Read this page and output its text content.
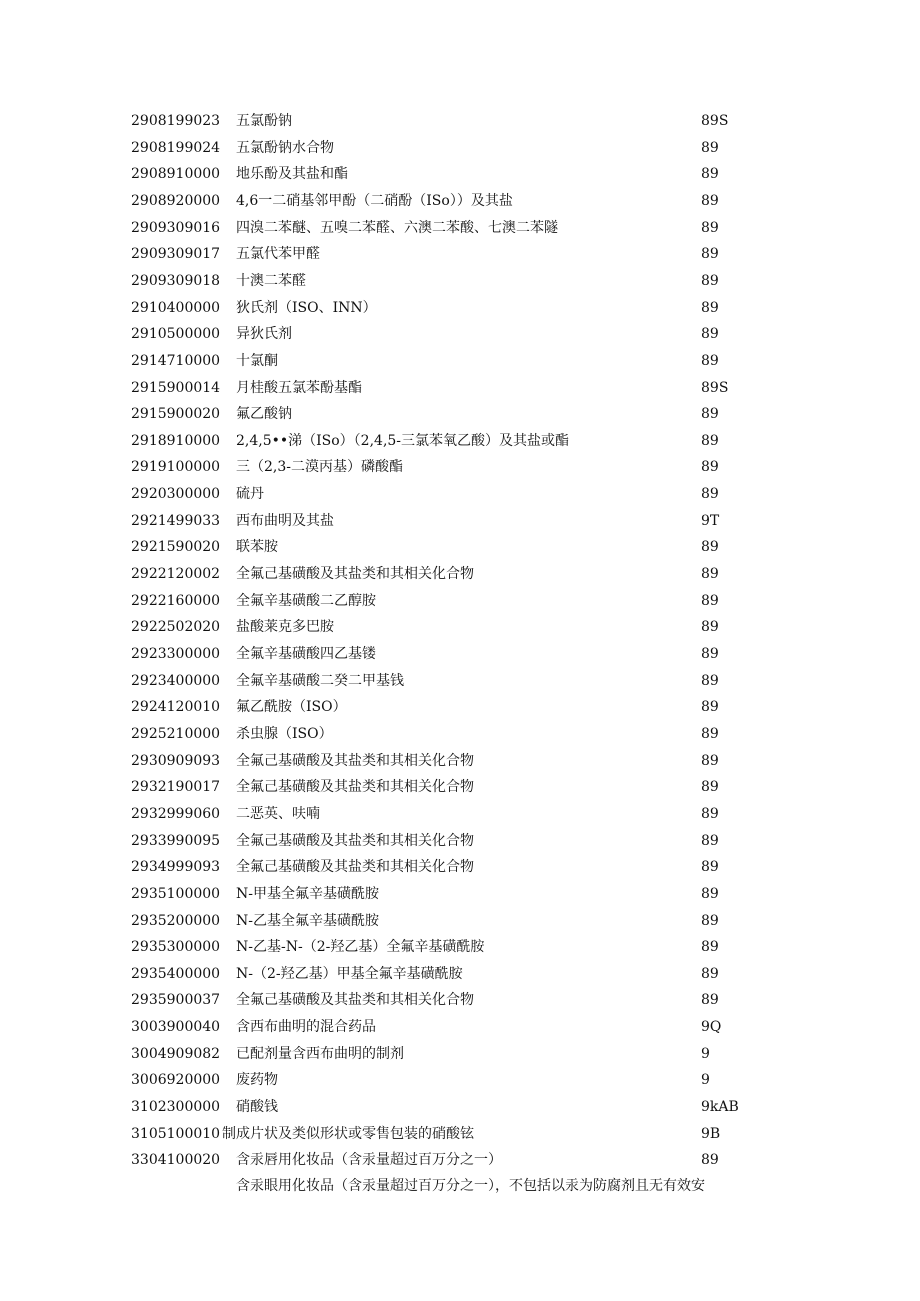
2908199023 五氯酚钠	89S
2908199024 五氯酚钠水合物	89
2908910000 地乐酚及其盐和酯	89
2908920000 4,6一二硝基邻甲酚（二硝酚（ISo））及其盐	89
2909309016 四溴二苯醚、五嗅二苯醛、六澳二苯酸、七澳二苯隧	89
2909309017 五氯代苯甲醛	89
2909309018 十澳二苯醛	89
2910400000 狄氏剂（ISO、INN）	89
2910500000 异狄氏剂	89
2914710000 十氯酮	89
2915900014 月桂酸五氯苯酚基酯	89S
2915900020 氟乙酸钠	89
2918910000 2,4,5••涕（ISo）（2,4,5-三氯苯氧乙酸）及其盐或酯	89
2919100000 三（2,3-二漠丙基）磷酸酯	89
2920300000 硫丹	89
2921499033 西布曲明及其盐	9T
2921590020 联苯胺	89
2922120002 全氟己基磺酸及其盐类和其相关化合物	89
2922160000 全氟辛基磺酸二乙醇胺	89
2922502020 盐酸莱克多巴胺	89
2923300000 全氟辛基磺酸四乙基镂	89
2923400000 全氟辛基磺酸二癸二甲基钱	89
2924120010 氟乙酰胺（ISO）	89
2925210000 杀虫腺（ISO）	89
2930909093 全氟己基磺酸及其盐类和其相关化合物	89
2932190017 全氟己基磺酸及其盐类和其相关化合物	89
2932999060 二恶英、呋喃	89
2933990095 全氟己基磺酸及其盐类和其相关化合物	89
2934999093 全氟己基磺酸及其盐类和其相关化合物	89
2935100000 N-甲基全氟辛基磺酰胺	89
2935200000 N-乙基全氟辛基磺酰胺	89
2935300000 N-乙基-N-（2-羟乙基）全氟辛基磺酰胺	89
2935400000 N-（2-羟乙基）甲基全氟辛基磺酰胺	89
2935900037 全氟己基磺酸及其盐类和其相关化合物	89
3003900040 含西布曲明的混合药品	9Q
3004909082 已配剂量含西布曲明的制剂	9
3006920000 废药物	9
3102300000 硝酸钱	9kAB
3105100010 制成片状及类似形状或零售包装的硝酸铉	9B
3304100020 含汞唇用化妆品（含汞量超过百万分之一）	89
含汞眼用化妆品（含汞量超过百万分之一），不包括以汞为防腐剂且无有效安
